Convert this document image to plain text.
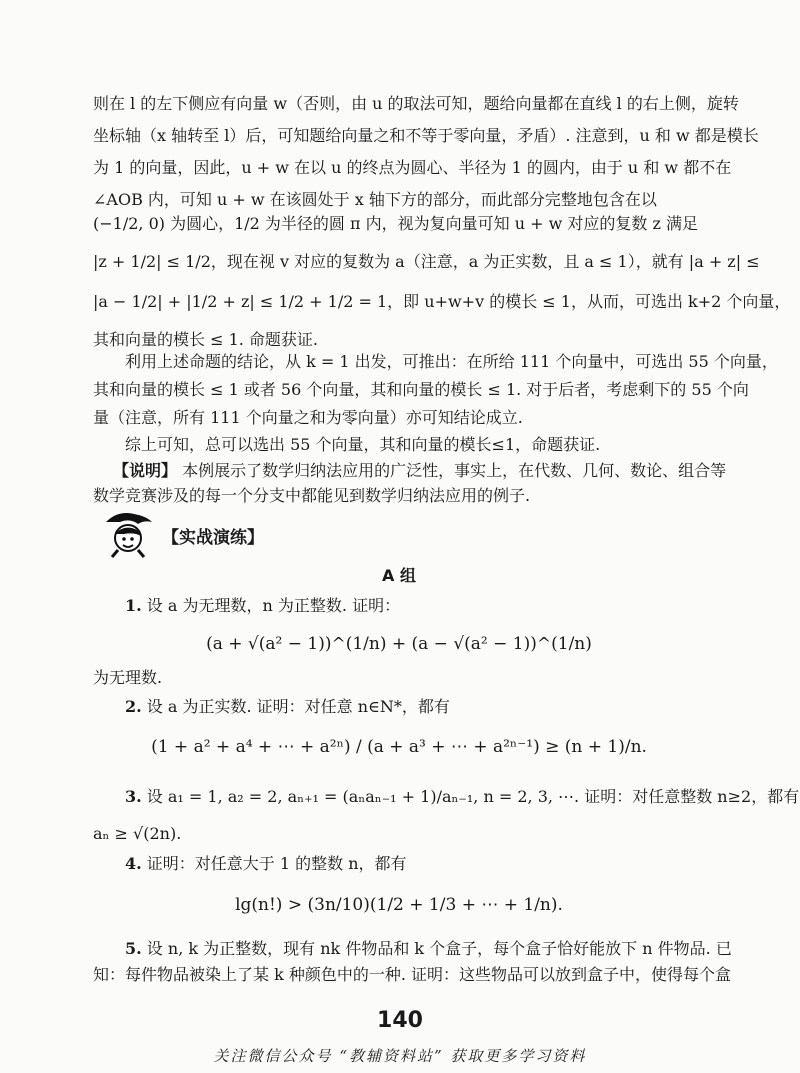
则在 l 的左下侧应有向量 w（否则，由 u 的取法可知，题给向量都在直线 l 的右上侧，旋转

坐标轴（x 轴转至 l）后，可知题给向量之和不等于零向量，矛盾）. 注意到，u 和 w 都是模长

为 1 的向量，因此，u + w 在以 u 的终点为圆心、半径为 1 的圆内，由于 u 和 w 都不在

∠AOB 内，可知 u + w 在该圆处于 x 轴下方的部分，而此部分完整地包含在以

(−1/2, 0) 为圆心，1/2 为半径的圆 π 内，视为复向量可知 u + w 对应的复数 z 满足

|z + 1/2| ≤ 1/2，现在视 v 对应的复数为 a（注意，a 为正实数，且 a ≤ 1），就有 |a + z| ≤

|a − 1/2| + |1/2 + z| ≤ 1/2 + 1/2 = 1，即 u+w+v 的模长 ≤ 1，从而，可选出 k+2 个向量，

其和向量的模长 ≤ 1. 命题获证.

利用上述命题的结论，从 k = 1 出发，可推出：在所给 111 个向量中，可选出 55 个向量，

其和向量的模长 ≤ 1 或者 56 个向量，其和向量的模长 ≤ 1. 对于后者，考虑剩下的 55 个向

量（注意，所有 111 个向量之和为零向量）亦可知结论成立.

综上可知，总可以选出 55 个向量，其和向量的模长≤1，命题获证.

【说明】 本例展示了数学归纳法应用的广泛性，事实上，在代数、几何、数论、组合等

数学竞赛涉及的每一个分支中都能见到数学归纳法应用的例子.

【实战演练】

A 组

1. 设 a 为无理数，n 为正整数. 证明：

(a + √(a² − 1))^(1/n) + (a − √(a² − 1))^(1/n)

为无理数.

2. 设 a 为正实数. 证明：对任意 n∈N*，都有

(1 + a² + a⁴ + ⋯ + a²ⁿ) / (a + a³ + ⋯ + a²ⁿ⁻¹) ≥ (n + 1)/n.

3. 设 a₁ = 1, a₂ = 2, aₙ₊₁ = (aₙaₙ₋₁ + 1)/aₙ₋₁, n = 2, 3, ⋯. 证明：对任意整数 n≥2，都有

aₙ ≥ √(2n).

4. 证明：对任意大于 1 的整数 n，都有

lg(n!) > (3n/10)(1/2 + 1/3 + ⋯ + 1/n).

5. 设 n, k 为正整数，现有 nk 件物品和 k 个盒子，每个盒子恰好能放下 n 件物品. 已

知：每件物品被染上了某 k 种颜色中的一种. 证明：这些物品可以放到盒子中，使得每个盒

140
关注微信公众号 “教辅资料站” 获取更多学习资料
